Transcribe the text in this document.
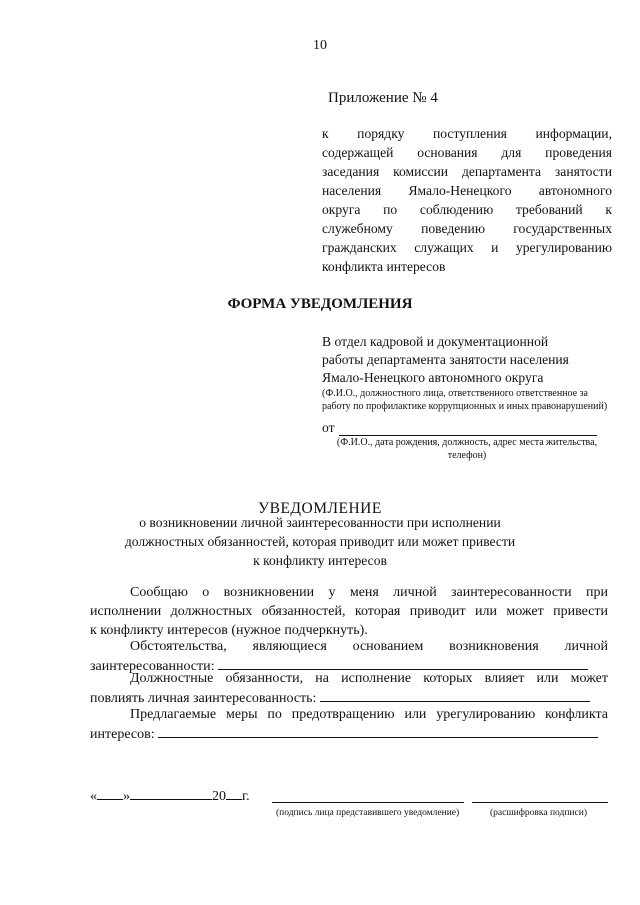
10
Приложение № 4
к порядку поступления информации,
содержащей основания для проведения
заседания комиссии департамента занятости
населения Ямало-Ненецкого автономного
округа по соблюдению требований к
служебному поведению государственных
гражданских служащих и урегулированию
конфликта интересов
ФОРМА УВЕДОМЛЕНИЯ
В отдел кадровой и документационной
работы департамента занятости населения
Ямало-Ненецкого автономного округа
(Ф.И.О., должностного лица, ответственного ответственное за работу по профилактике коррупционных и иных правонарушений)
от
(Ф.И.О., дата рождения, должность, адрес места жительства, телефон)
УВЕДОМЛЕНИЕ
о возникновении личной заинтересованности при исполнении
должностных обязанностей, которая приводит или может привести
к конфликту интересов
Сообщаю о возникновении у меня личной заинтересованности при
исполнении должностных обязанностей, которая приводит или может привести
к конфликту интересов (нужное подчеркнуть).
Обстоятельства, являющиеся основанием возникновения личной
заинтересованности:
Должностные обязанности, на исполнение которых влияет или может
повлиять личная заинтересованность:
Предлагаемые меры по предотвращению или урегулированию конфликта
интересов:
« »	20 г.
(подпись лица представившего уведомление)	(расшифровка подписи)
